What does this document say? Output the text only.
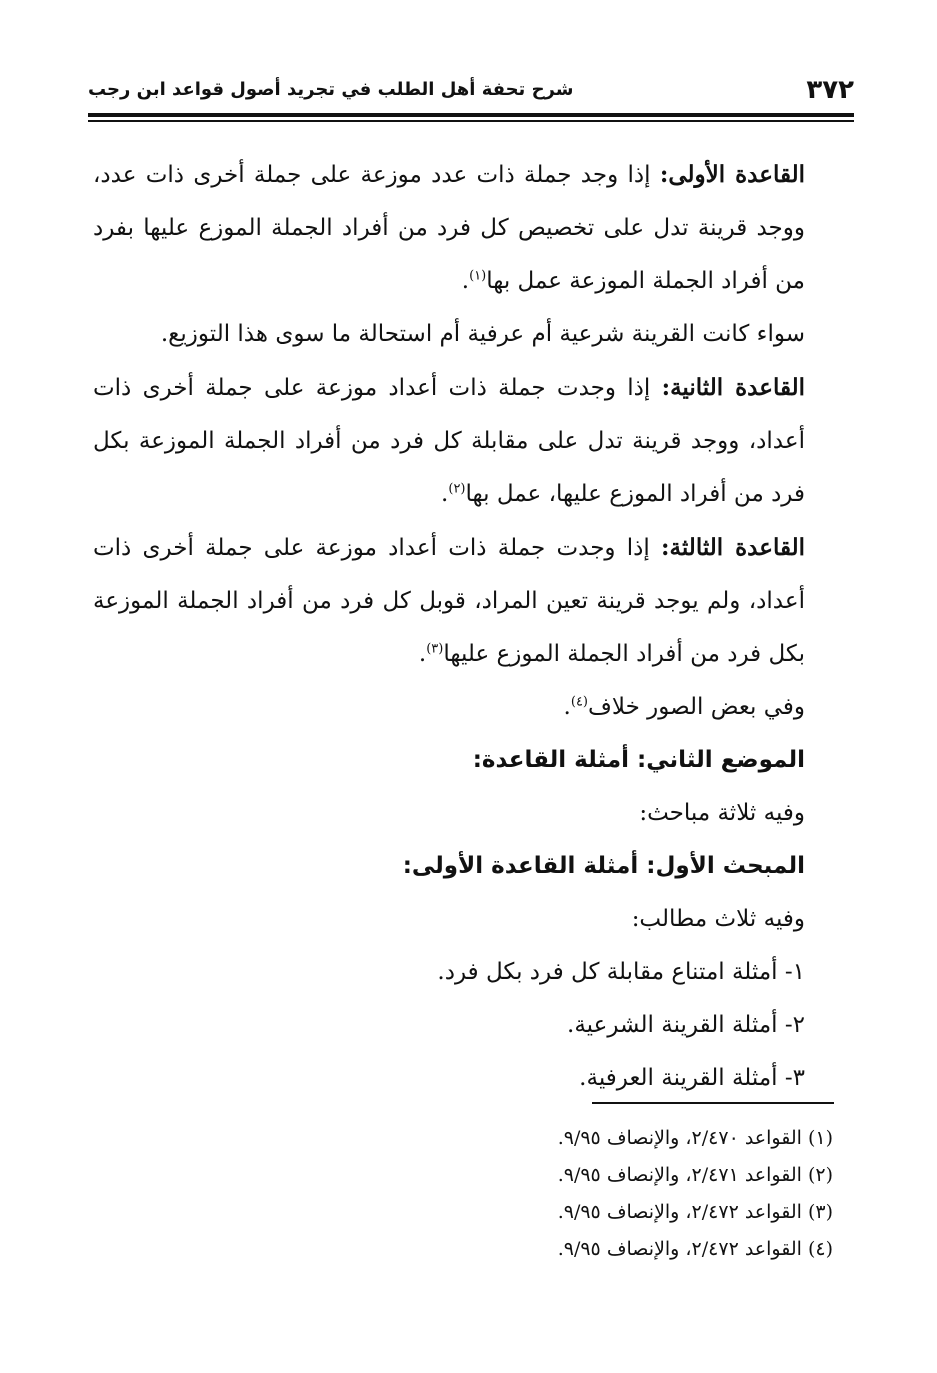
شرح تحفة أهل الطلب في تجريد أصول قواعد ابن رجب	٣٧٢

القاعدة الأولى: إذا وجد جملة ذات عدد موزعة على جملة أخرى ذات عدد، ووجد قرينة تدل على تخصيص كل فرد من أفراد الجملة الموزع عليها بفرد من أفراد الجملة الموزعة عمل بها$^{(١)}$.

سواء كانت القرينة شرعية أم عرفية أم استحالة ما سوى هذا التوزيع.

القاعدة الثانية: إذا وجدت جملة ذات أعداد موزعة على جملة أخرى ذات أعداد، ووجد قرينة تدل على مقابلة كل فرد من أفراد الجملة الموزعة بكل فرد من أفراد الموزع عليها، عمل بها$^{(٢)}$.

القاعدة الثالثة: إذا وجدت جملة ذات أعداد موزعة على جملة أخرى ذات أعداد، ولم يوجد قرينة تعين المراد، قوبل كل فرد من أفراد الجملة الموزعة بكل فرد من أفراد الجملة الموزع عليها$^{(٣)}$.

وفي بعض الصور خلاف$^{(٤)}$.

الموضع الثاني: أمثلة القاعدة:

وفيه ثلاثة مباحث:

المبحث الأول: أمثلة القاعدة الأولى:

وفيه ثلاث مطالب:

١- أمثلة امتناع مقابلة كل فرد بكل فرد.

٢- أمثلة القرينة الشرعية.

٣- أمثلة القرينة العرفية.

(١) القواعد ٢/٤٧٠، والإنصاف ٩/٩٥.

(٢) القواعد ٢/٤٧١، والإنصاف ٩/٩٥.

(٣) القواعد ٢/٤٧٢، والإنصاف ٩/٩٥.

(٤) القواعد ٢/٤٧٢، والإنصاف ٩/٩٥.
